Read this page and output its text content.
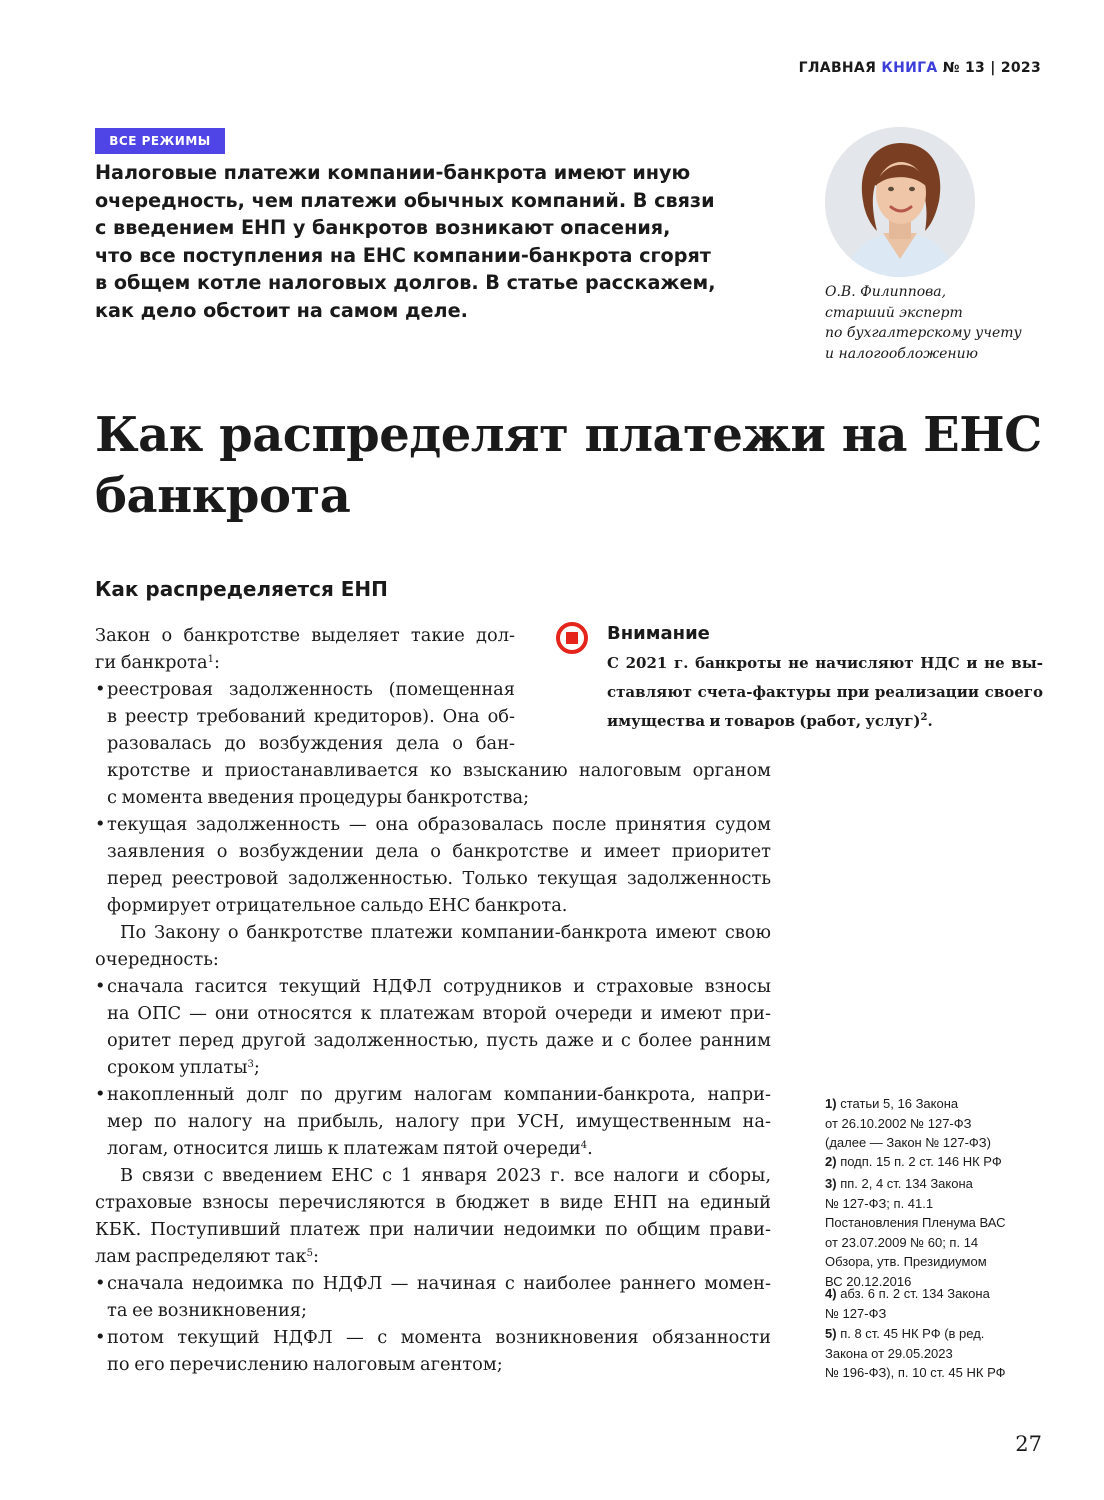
ГЛАВНАЯ КНИГА № 13 | 2023
ВСЕ РЕЖИМЫ
Налоговые платежи компании-банкрота имеют иную
очередность, чем платежи обычных компаний. В связи
с введением ЕНП у банкротов возникают опасения,
что все поступления на ЕНС компании-банкрота сгорят
в общем котле налоговых долгов. В статье расскажем,
как дело обстоит на самом деле.
О.В. Филиппова,
старший эксперт
по бухгалтерскому учету
и налогообложению
Как распределят платежи на ЕНС
банкрота
Как распределяется ЕНП
Закон о банкротстве выделяет такие дол-
ги банкрота$^1$:
• реестровая задолженность (помещенная
в реестр требований кредиторов). Она об-
разовалась до возбуждения дела о бан-
кротстве и приостанавливается ко взысканию налоговым органом
с момента введения процедуры банкротства;
• текущая задолженность — она образовалась после принятия судом
заявления о возбуждении дела о банкротстве и имеет приоритет
перед реестровой задолженностью. Только текущая задолженность
формирует отрицательное сальдо ЕНС банкрота.
По Закону о банкротстве платежи компании-банкрота имеют свою
очередность:
• сначала гасится текущий НДФЛ сотрудников и страховые взносы
на ОПС — они относятся к платежам второй очереди и имеют при-
оритет перед другой задолженностью, пусть даже и с более ранним
сроком уплаты$^3$;
• накопленный долг по другим налогам компании-банкрота, напри-
мер по налогу на прибыль, налогу при УСН, имущественным на-
логам, относится лишь к платежам пятой очереди$^4$.
В связи с введением ЕНС с 1 января 2023 г. все налоги и сборы,
страховые взносы перечисляются в бюджет в виде ЕНП на единый
КБК. Поступивший платеж при наличии недоимки по общим прави-
лам распределяют так$^5$:
• сначала недоимка по НДФЛ — начиная с наиболее раннего момен-
та ее возникновения;
• потом текущий НДФЛ — с момента возникновения обязанности
по его перечислению налоговым агентом;
Внимание
С 2021 г. банкроты не начисляют НДС и не вы-
ставляют счета-фактуры при реализации своего
имущества и товаров (работ, услуг)$^2$.
1) статьи 5, 16 Закона
от 26.10.2002 № 127-ФЗ
(далее — Закон № 127-ФЗ)
2) подп. 15 п. 2 ст. 146 НК РФ
3) пп. 2, 4 ст. 134 Закона
№ 127-ФЗ; п. 41.1
Постановления Пленума ВАС
от 23.07.2009 № 60; п. 14
Обзора, утв. Президиумом
ВС 20.12.2016
4) абз. 6 п. 2 ст. 134 Закона
№ 127-ФЗ
5) п. 8 ст. 45 НК РФ (в ред.
Закона от 29.05.2023
№ 196-ФЗ), п. 10 ст. 45 НК РФ
27
